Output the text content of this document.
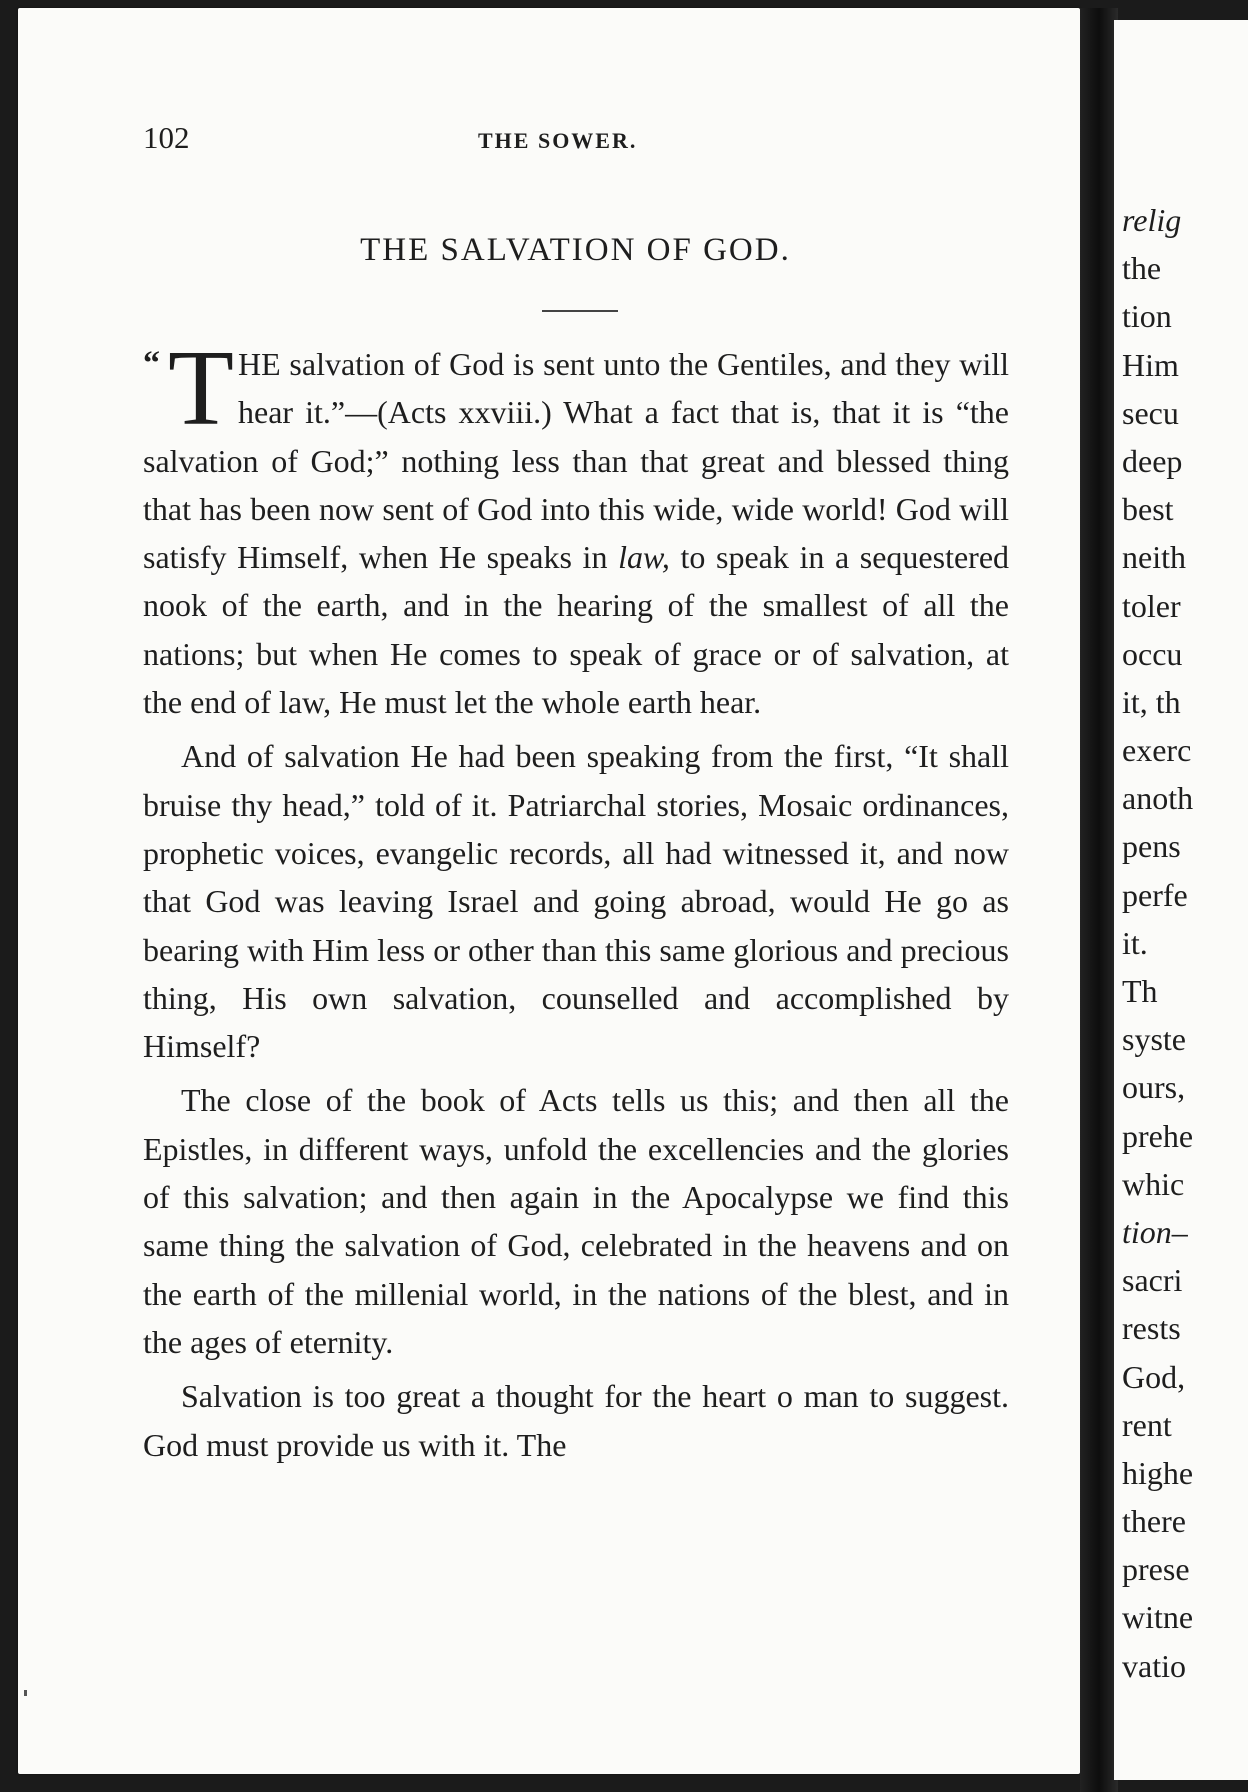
relig
the
tion
Him
secu
deep
best
neith
toler
occu
it, th
exerc
anoth
pens
perfe
it.
Th
syste
ours,
prehe
whic
tion–
sacri
rests
God,
rent
highe
there
prese
witne
vatio
102	THE SOWER.
THE SALVATION OF GOD.

“ T HE salvation of God is sent unto the Gentiles, and they will hear it.”—(Acts xxviii.) What a fact that is, that it is “the salvation of God;” nothing less than that great and blessed thing that has been now sent of God into this wide, wide world! God will satisfy Himself, when He speaks in law, to speak in a sequestered nook of the earth, and in the hearing of the smallest of all the nations; but when He comes to speak of grace or of salvation, at the end of law, He must let the whole earth hear.

And of salvation He had been speaking from the first, “It shall bruise thy head,” told of it. Patriarchal stories, Mosaic ordinances, prophetic voices, evangelic records, all had witnessed it, and now that God was leaving Israel and going abroad, would He go as bearing with Him less or other than this same glorious and precious thing, His own salvation, counselled and accomplished by Himself?

The close of the book of Acts tells us this; and then all the Epistles, in different ways, unfold the excellencies and the glories of this salvation; and then again in the Apocalypse we find this same thing the salvation of God, celebrated in the heavens and on the earth of the millenial world, in the nations of the blest, and in the ages of eternity.

Salvation is too great a thought for the heart o man to suggest. God must provide us with it. The
